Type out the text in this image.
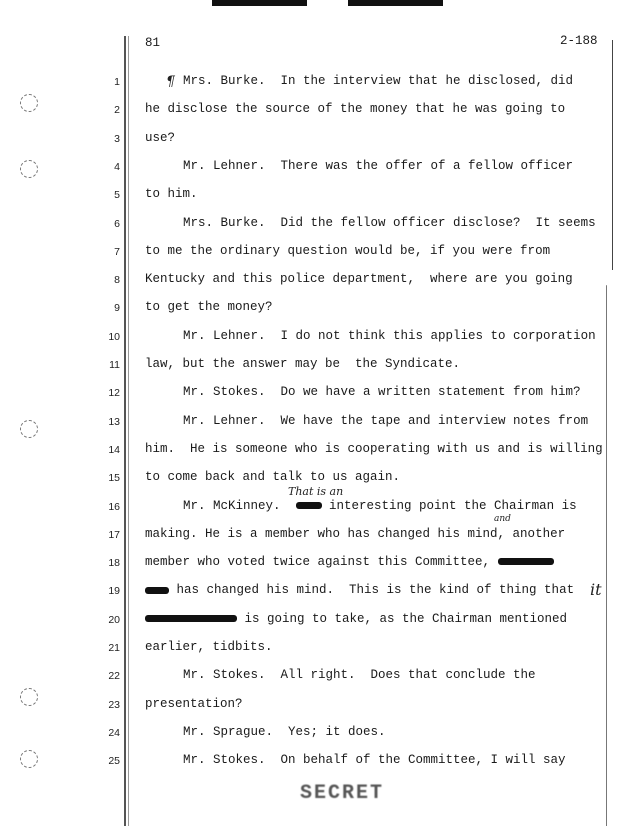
81	2-188
1	Mrs. Burke.  In the interview that he disclosed, did
2 he disclose the source of the money that he was going to
3 use?
4	Mr. Lehner.  There was the offer of a fellow officer
5 to him.
6	Mrs. Burke.  Did the fellow officer disclose?  It seems
7 to me the ordinary question would be, if you were from
8 Kentucky and this police department,  where are you going
9 to get the money?
10	Mr. Lehner.  I do not think this applies to corporation
11 law, but the answer may be  the Syndicate.
12	Mr. Stokes.  Do we have a written statement from him?
13	Mr. Lehner.  We have the tape and interview notes from
14 him.  He is someone who is cooperating with us and is willing
15 to come back and talk to us again.
16	Mr. McKinney.   interesting point the Chairman is
17 making. He is a member who has changed his mind, another
18 member who voted twice against this Committee,
19	has changed his mind.  This is the kind of thing that
20	is going to take, as the Chairman mentioned
21 earlier, tidbits.
22	Mr. Stokes.  All right.  Does that conclude the
23 presentation?
24	Mr. Sprague.  Yes; it does.
25	Mr. Stokes.  On behalf of the Committee, I will say
¶
That is an
and
it
SECRET
